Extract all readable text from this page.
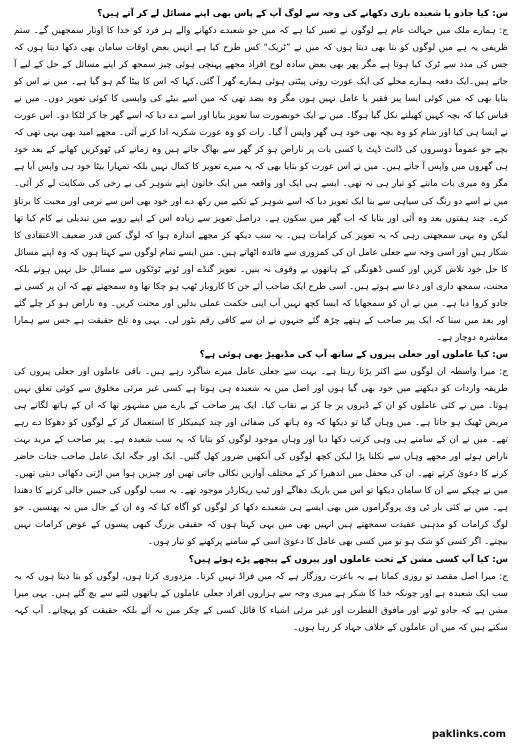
س: کیا جادو یا شعبدہ بازی دکھانے کی وجہ سے لوگ آپ کے پاس بھی اپنے مسائل لے کر آتے ہیں؟

ج: ہمارے ملک میں جہالت عام ہے لوگوں نے تعبیر کیا ہے کہ میں جو شعبدے دکھانے والے ہر فرد کو خدا کا اوتار سمجھیں گے۔ ستم ظریفی یہ ہے میں لوگوں کو بتا بھی دیتا ہوں کہ میں نے ”ٹریک“ کس طرح کیا ہے انہیں بعض اوقات سامان بھی دکھا دیتا ہوں کہ جس کی مدد سے ٹرک کیا ہوتا ہے مگر پھر بھی بعض سادہ لوح افراد مجھے پہنچی ہوئی چیز سمجھ کر اپنے مسائل کے حل کے لیے آ جاتے ہیں۔ایک دفعہ ہمارے محلے کی ایک عورت روتی پیٹتی ہوئی ہمارے گھر آ گئی۔کہا کہ اس کا بیٹا گم ہو گیا ہے۔ میں نے اس کو بتایا بھی کہ میں کوئی ایسا پیر فقیر یا عامل نہیں ہوں مگر وہ بضد تھی کہ میں اسے بیٹے کی واپسی کا کوئی تعویز دوں۔ میں نے قیاس کیا کہ بچہ کہیں کھیلنے نکل گیا ہوگا۔ میں نے ایک خوبصورت سا تعویز بنایا اور اسے دے دیا کہ اسے گھر جا کر لٹکا دو۔ اس عورت نے ایسا ہی کیا اور شام کو وہ بچہ بھی خود ہی گھر واپس آ گیا۔ رات کو وہ عورت شکریہ ادا کرنے آئی۔ مجھے امید بھی یہی تھی کہ بچے جو عموماً دوسروں کی ڈانٹ ڈپٹ یا کسی بات پر ناراض ہو کر گھر سے بھاگ جاتے ہیں وہ زمانے کی ٹھوکریں کھانے کے بعد خود ہی گھروں میں واپس آ جاتے ہیں۔ میں نے اس عورت کو بتایا بھی کہ یہ میرے تعویز کا کمال نہیں بلکہ تمہارا بیٹا خود ہی واپس آیا ہے مگر وہ میری بات ماننے کو تیار ہی نہ تھی۔ ایسے ہی ایک اور واقعہ میں ایک خاتون اپنے شوہر کی بے رخی کی شکایت لے کر آئی۔ میں نے اسے دو رنگ کی سیاہی سے بنا ایک تعویز دیا کہ اسے شوہر کے تکیے میں رکھ دے اور خود بھی اس سے نرمی اور محبت کا برتاؤ کرے۔ چند ہفتوں بعد وہ آئی اور بتایا کہ اب گھر میں سکون ہے۔ دراصل تعویز سے زیادہ اس کے اپنے رویے میں تبدیلی نے کام کیا تھا لیکن وہ یہی سمجھتی رہی کہ یہ تعویز کی کرامات ہیں۔ یہ سب دیکھ کر مجھے اندازہ ہوا کہ لوگ کس قدر ضعیف الاعتقادی کا شکار ہیں اور اسی وجہ سے جعلی عامل ان کی کمزوری سے فائدہ اٹھاتے ہیں۔ میں ایسے تمام لوگوں سے کہتا ہوں کہ وہ اپنے مسائل کا حل خود تلاش کریں اور کسی ڈھونگی کے ہاتھوں بے وقوف نہ بنیں۔ تعویز گنڈے اور ٹونے ٹوٹکوں سے مسائل حل نہیں ہوتے بلکہ محنت، سمجھ داری اور دعا سے ہوتے ہیں۔ اسی طرح ایک صاحب آئے جن کا کاروبار ٹھپ ہو چکا تھا وہ سمجھتے تھے کہ ان پر کسی نے جادو کروا دیا ہے۔ میں نے ان کو سمجھایا کہ ایسا کچھ نہیں آپ اپنی حکمت عملی بدلیں اور محنت کریں۔ وہ ناراض ہو کر چلے گئے اور بعد میں سنا کہ ایک پیر صاحب کے ہتھے چڑھ گئے جنہوں نے ان سے کافی رقم بٹور لی۔ یہی وہ تلخ حقیقت ہے جس سے ہمارا معاشرہ دوچار ہے۔

س: کیا عاملوں اور جعلی پیروں کے ساتھ آپ کی مڈبھیڑ بھی ہوئی ہے؟

ج: میرا واسطہ ان لوگوں سے اکثر پڑتا رہتا ہے۔ بہت سے جعلی عامل میرے شاگرد رہے ہیں۔ باقی عاملوں اور جعلی پیروں کی طریقہ واردات کو دیکھنے میں خود بھی گیا ہوں اور اصل میں یہ شعبدہ ہی ہوتا ہے کسی غیر مرئی مخلوق سے کوئی تعلق نہیں ہوتا۔ میں نے کئی عاملوں کو ان کے ڈیروں پر جا کر بے نقاب کیا۔ ایک پیر صاحب کے بارے میں مشہور تھا کہ ان کے ہاتھ لگاتے ہی مریض ٹھیک ہو جاتا ہے۔ میں وہاں گیا تو دیکھا کہ وہ ہاتھ کی صفائی اور چند کیمیکلز کا استعمال کر کے لوگوں کو دھوکا دے رہے تھے۔ میں نے ان کے سامنے ہی وہی کرتب دکھا دیا اور وہاں موجود لوگوں کو بتایا کہ یہ سب شعبدہ ہے۔ پیر صاحب کے مرید بہت ناراض ہوئے اور مجھے وہاں سے نکلنا پڑا لیکن کچھ لوگوں کی آنکھیں ضرور کھل گئیں۔ ایک اور جگہ ایک عامل صاحب جنات حاضر کرنے کا دعویٰ کرتے تھے۔ ان کی محفل میں اندھیرا کر کے مختلف آوازیں نکالی جاتی تھیں اور چیزیں ہوا میں اڑتی دکھائی دیتی تھیں۔ میں نے چپکے سے ان کا سامان دیکھا تو اس میں باریک دھاگے اور ٹیپ ریکارڈر موجود تھے۔ یہ سب لوگوں کی جیبیں خالی کرنے کا دھندا ہے۔ میں نے کئی بار ٹی وی پروگراموں میں بھی ایسے ہی شعبدے دکھا کر لوگوں کو آگاہ کیا کہ وہ ان کے جال میں نہ پھنسیں۔ جو لوگ کرامات کو مذہبی عقیدت سمجھتے ہیں انہیں بھی میں یہی کہتا ہوں کہ حقیقی بزرگ کبھی پیسوں کے عوض کرامات نہیں بیچتے۔ اگر کسی کو شک ہو تو میں کسی بھی عامل کا دعویٰ اسی کے سامنے پرکھنے کو تیار ہوں۔

س: کیا آپ کسی مشن کے تحت عاملوں اور پیروں کے پیچھے پڑے ہوئے ہیں؟

ج: میرا اصل مقصد تو روزی کمانا ہے یہ باعزت روزگار ہے کہ میں فراڈ نہیں کرتا۔ مزدوری کرتا ہوں، لوگوں کو بتا دیتا ہوں کہ یہ سب ایک شعبدہ ہے اور چونکہ خدا کا شکر ہے میری وجہ سے ہزاروں افراد جعلی عاملوں کے ہاتھوں لٹنے سے بچ گئے ہیں۔ یہی میرا مشن ہے کہ جادو ٹونے اور مافوق الفطرت اور غیر مرئی اشیاء کا قائل کسی کے چکر میں نہ آئے بلکہ حقیقت کو پہچانے۔ آپ کہہ سکتے ہیں کہ میں ان عاملوں کے خلاف جہاد کر رہا ہوں۔

paklinks.com
